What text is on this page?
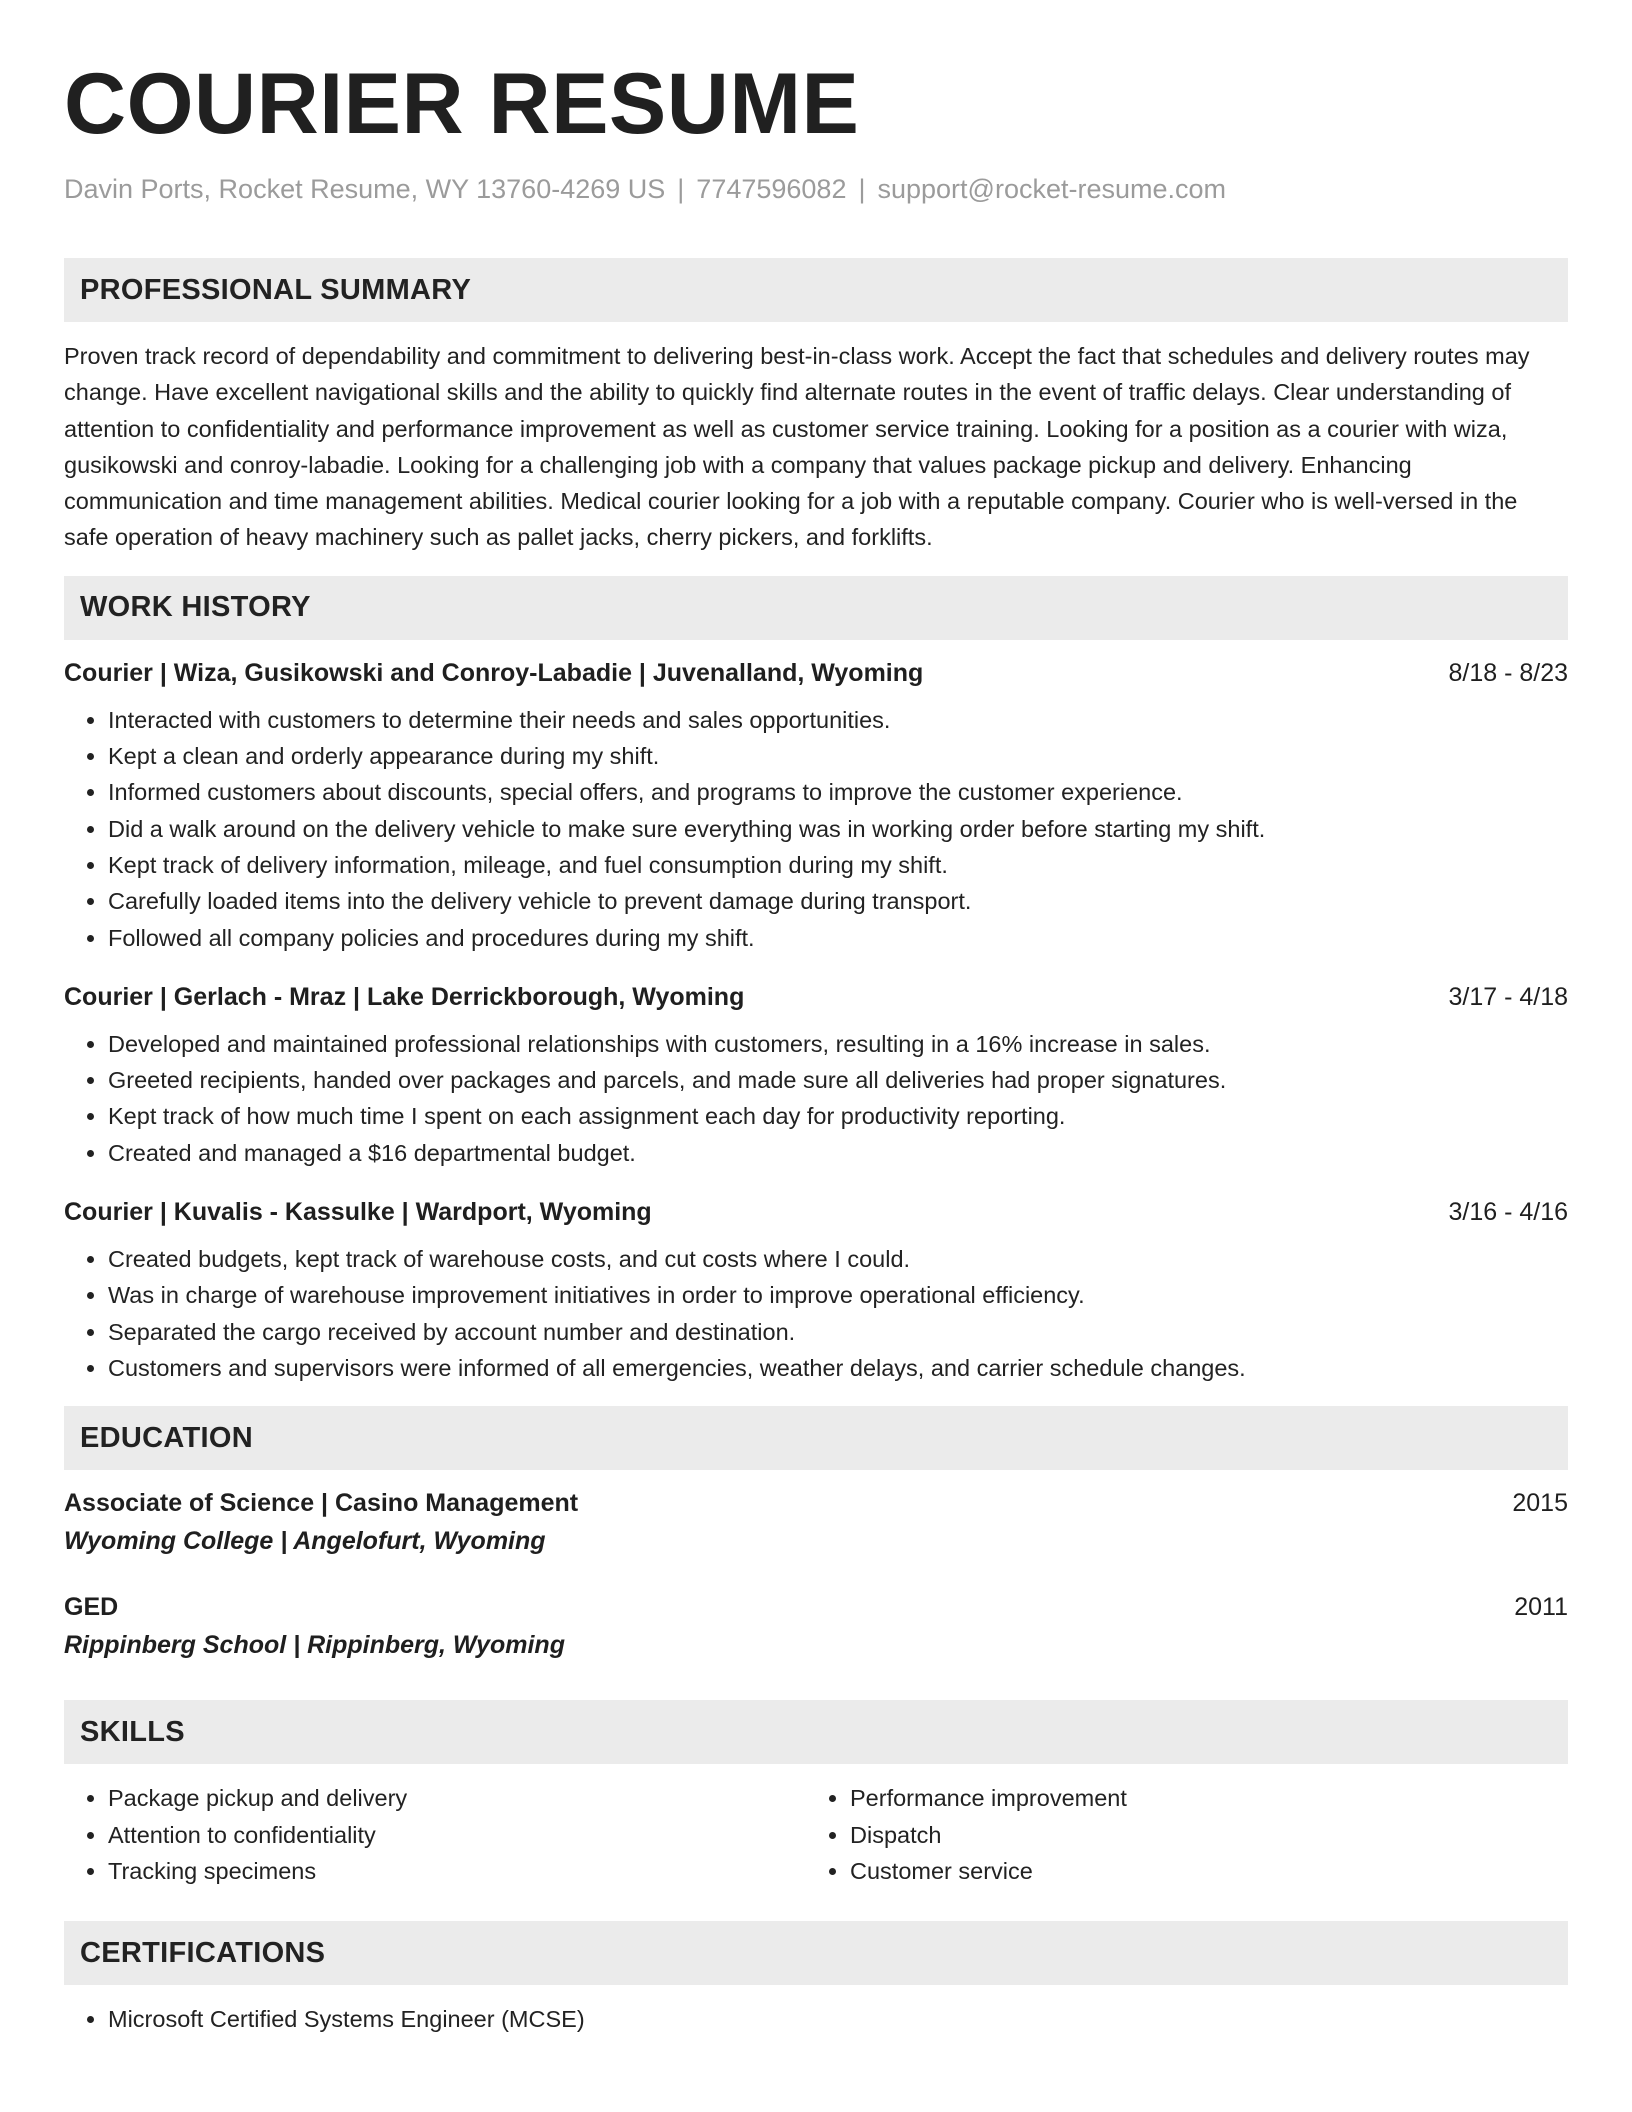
COURIER RESUME
Davin Ports, Rocket Resume, WY 13760-4269 US | 7747596082 | support@rocket-resume.com
PROFESSIONAL SUMMARY

Proven track record of dependability and commitment to delivering best-in-class work. Accept the fact that schedules and delivery routes may change. Have excellent navigational skills and the ability to quickly find alternate routes in the event of traffic delays. Clear understanding of attention to confidentiality and performance improvement as well as customer service training. Looking for a position as a courier with wiza, gusikowski and conroy-labadie. Looking for a challenging job with a company that values package pickup and delivery. Enhancing communication and time management abilities. Medical courier looking for a job with a reputable company. Courier who is well-versed in the safe operation of heavy machinery such as pallet jacks, cherry pickers, and forklifts.

WORK HISTORY
Courier | Wiza, Gusikowski and Conroy-Labadie | Juvenalland, Wyoming	8/18 - 8/23
• Interacted with customers to determine their needs and sales opportunities.
• Kept a clean and orderly appearance during my shift.
• Informed customers about discounts, special offers, and programs to improve the customer experience.
• Did a walk around on the delivery vehicle to make sure everything was in working order before starting my shift.
• Kept track of delivery information, mileage, and fuel consumption during my shift.
• Carefully loaded items into the delivery vehicle to prevent damage during transport.
• Followed all company policies and procedures during my shift.
Courier | Gerlach - Mraz | Lake Derrickborough, Wyoming	3/17 - 4/18
• Developed and maintained professional relationships with customers, resulting in a 16% increase in sales.
• Greeted recipients, handed over packages and parcels, and made sure all deliveries had proper signatures.
• Kept track of how much time I spent on each assignment each day for productivity reporting.
• Created and managed a $16 departmental budget.
Courier | Kuvalis - Kassulke | Wardport, Wyoming	3/16 - 4/16
• Created budgets, kept track of warehouse costs, and cut costs where I could.
• Was in charge of warehouse improvement initiatives in order to improve operational efficiency.
• Separated the cargo received by account number and destination.
• Customers and supervisors were informed of all emergencies, weather delays, and carrier schedule changes.
EDUCATION
Associate of Science | Casino Management	2015
Wyoming College | Angelofurt, Wyoming
GED	2011
Rippinberg School | Rippinberg, Wyoming
SKILLS
• Package pickup and delivery
• Attention to confidentiality
• Tracking specimens
• Performance improvement
• Dispatch
• Customer service
CERTIFICATIONS
• Microsoft Certified Systems Engineer (MCSE)
